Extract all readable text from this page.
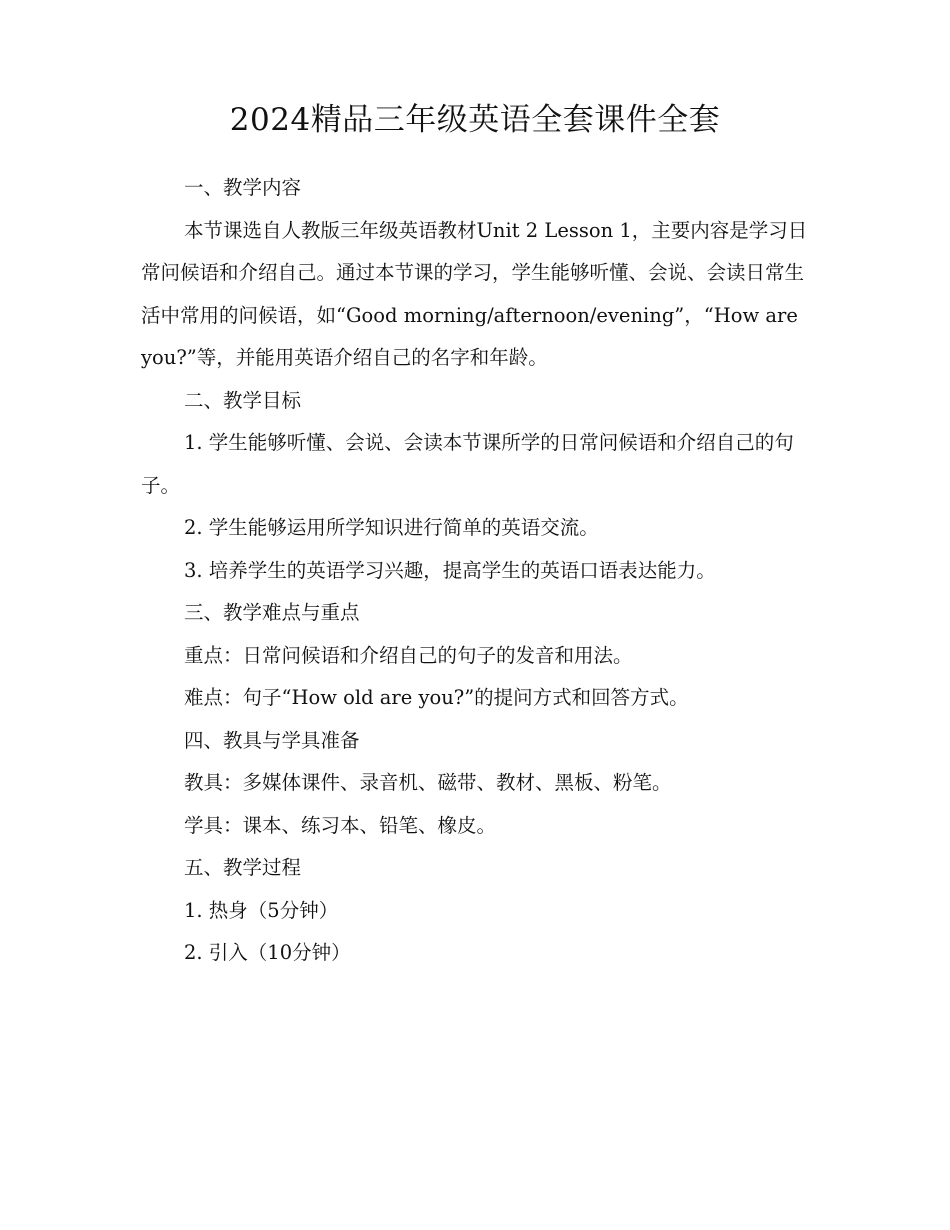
2024精品三年级英语全套课件全套

一、教学内容

本节课选自人教版三年级英语教材Unit 2 Lesson 1，主要内容是学习日常问候语和介绍自己。通过本节课的学习，学生能够听懂、会说、会读日常生活中常用的问候语，如“Good morning/afternoon/evening”，“How are you?”等，并能用英语介绍自己的名字和年龄。

二、教学目标

1. 学生能够听懂、会说、会读本节课所学的日常问候语和介绍自己的句子。

2. 学生能够运用所学知识进行简单的英语交流。

3. 培养学生的英语学习兴趣，提高学生的英语口语表达能力。

三、教学难点与重点

重点：日常问候语和介绍自己的句子的发音和用法。

难点：句子“How old are you?”的提问方式和回答方式。

四、教具与学具准备

教具：多媒体课件、录音机、磁带、教材、黑板、粉笔。

学具：课本、练习本、铅笔、橡皮。

五、教学过程

1. 热身（5分钟）

2. 引入（10分钟）
